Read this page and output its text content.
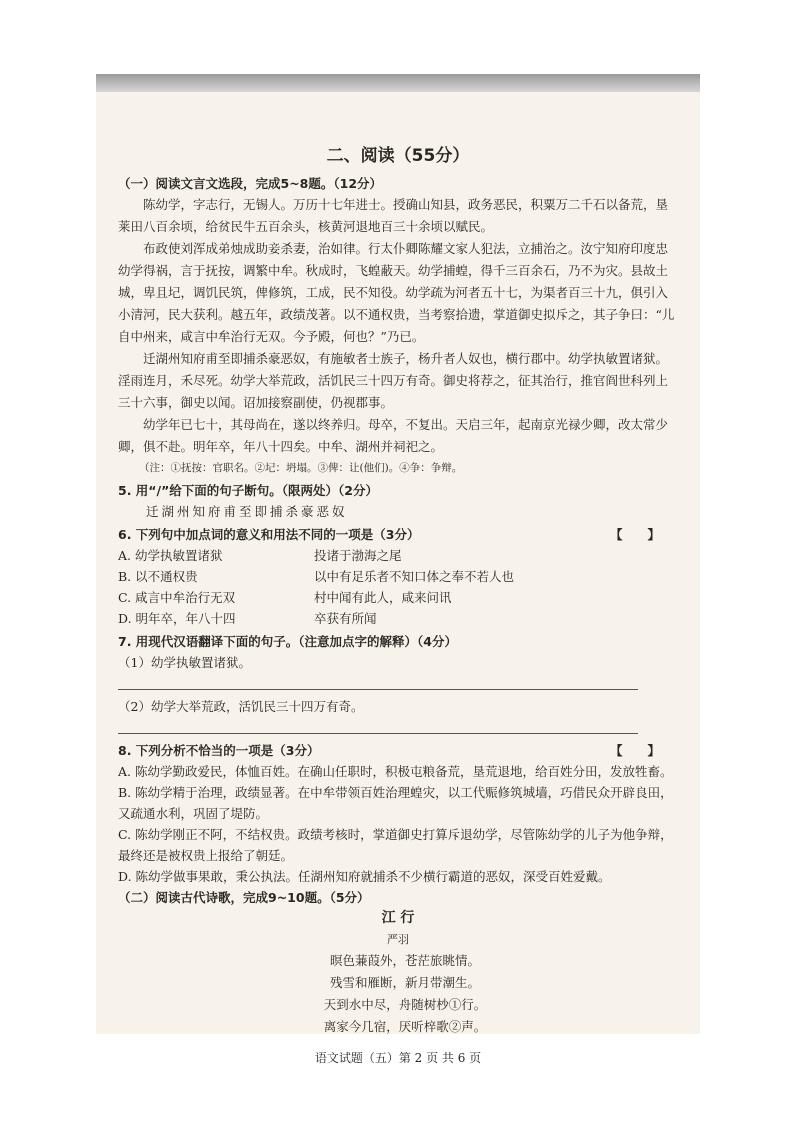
二、阅读（55分）
（一）阅读文言文选段，完成5~8题。（12分）
陈幼学，字志行，无锡人。万历十七年进士。授确山知县，政务恶民，积粟万二千石以备荒，垦莱田八百余顷，给贫民牛五百余头，核黄河退地百三十余顷以赋民。
布政使刘浑成弟烛成助妾杀妻，治如律。行太仆卿陈耀文家人犯法，立捕治之。汝宁知府印度忠幼学得祸，言于抚按，调繁中牟。秋成时，飞蝗蔽天。幼学捕蝗，得千三百余石，乃不为灾。县故土城，卑且圮，调饥民筑，俾修筑，工成，民不知役。幼学疏为河者五十七，为渠者百三十九，俱引入小清河，民大获利。越五年，政绩茂著。以不通权贵，当考察拾遗，掌道御史拟斥之，其子争曰：“儿自中州来，咸言中牟治行无双。今予殿，何也？”乃已。
迁湖州知府甫至即捕杀豪恶奴，有施敏者士族子，杨升者人奴也，横行郡中。幼学执敏置诸狱。淫雨连月，禾尽死。幼学大举荒政，活饥民三十四万有奇。御史将荐之，征其治行，推官阎世科列上三十六事，御史以闻。诏加接察副使，仍视郡事。
幼学年已七十，其母尚在，遂以终养归。母卒，不复出。天启三年，起南京光禄少卿，改太常少卿，俱不赴。明年卒，年八十四矣。中牟、湖州并祠祀之。
（注：①抚按：官职名。②圮：坍塌。③俾：让(他们)。④争：争辩。
5. 用“/”给下面的句子断句。（限两处）（2分）
迁湖州知府甫至即捕杀豪恶奴
【　　】
6. 下列句中加点词的意义和用法不同的一项是（3分）
A. 幼学执敏置诸狱	投诸于渤海之尾
B. 以不通权贵	以中有足乐者不知口体之奉不若人也
C. 咸言中牟治行无双	村中闻有此人，咸来问讯
D. 明年卒，年八十四	卒获有所闻
7. 用现代汉语翻译下面的句子。（注意加点字的解释）（4分）
（1）幼学执敏置诸狱。
（2）幼学大举荒政，活饥民三十四万有奇。
【　　】
8. 下列分析不恰当的一项是（3分）
A. 陈幼学勤政爱民，体恤百姓。在确山任职时，积极屯粮备荒，垦荒退地，给百姓分田，发放牲畜。
B. 陈幼学精于治理，政绩显著。在中牟带领百姓治理蝗灾，以工代赈修筑城墙，巧借民众开辟良田，又疏通水利，巩固了堤防。
C. 陈幼学刚正不阿，不结权贵。政绩考核时，掌道御史打算斥退幼学，尽管陈幼学的儿子为他争辩，最终还是被权贵上报给了朝廷。
D. 陈幼学做事果敢，秉公执法。任湖州知府就捕杀不少横行霸道的恶奴，深受百姓爱戴。
（二）阅读古代诗歌，完成9~10题。（5分）
江 行
严羽
暝色蒹葭外，苍茫旅眺情。
残雪和雁断，新月带潮生。
天到水中尽，舟随树杪①行。
离家今几宿，厌听梓歌②声。
语文试题（五）第 2 页 共 6 页
